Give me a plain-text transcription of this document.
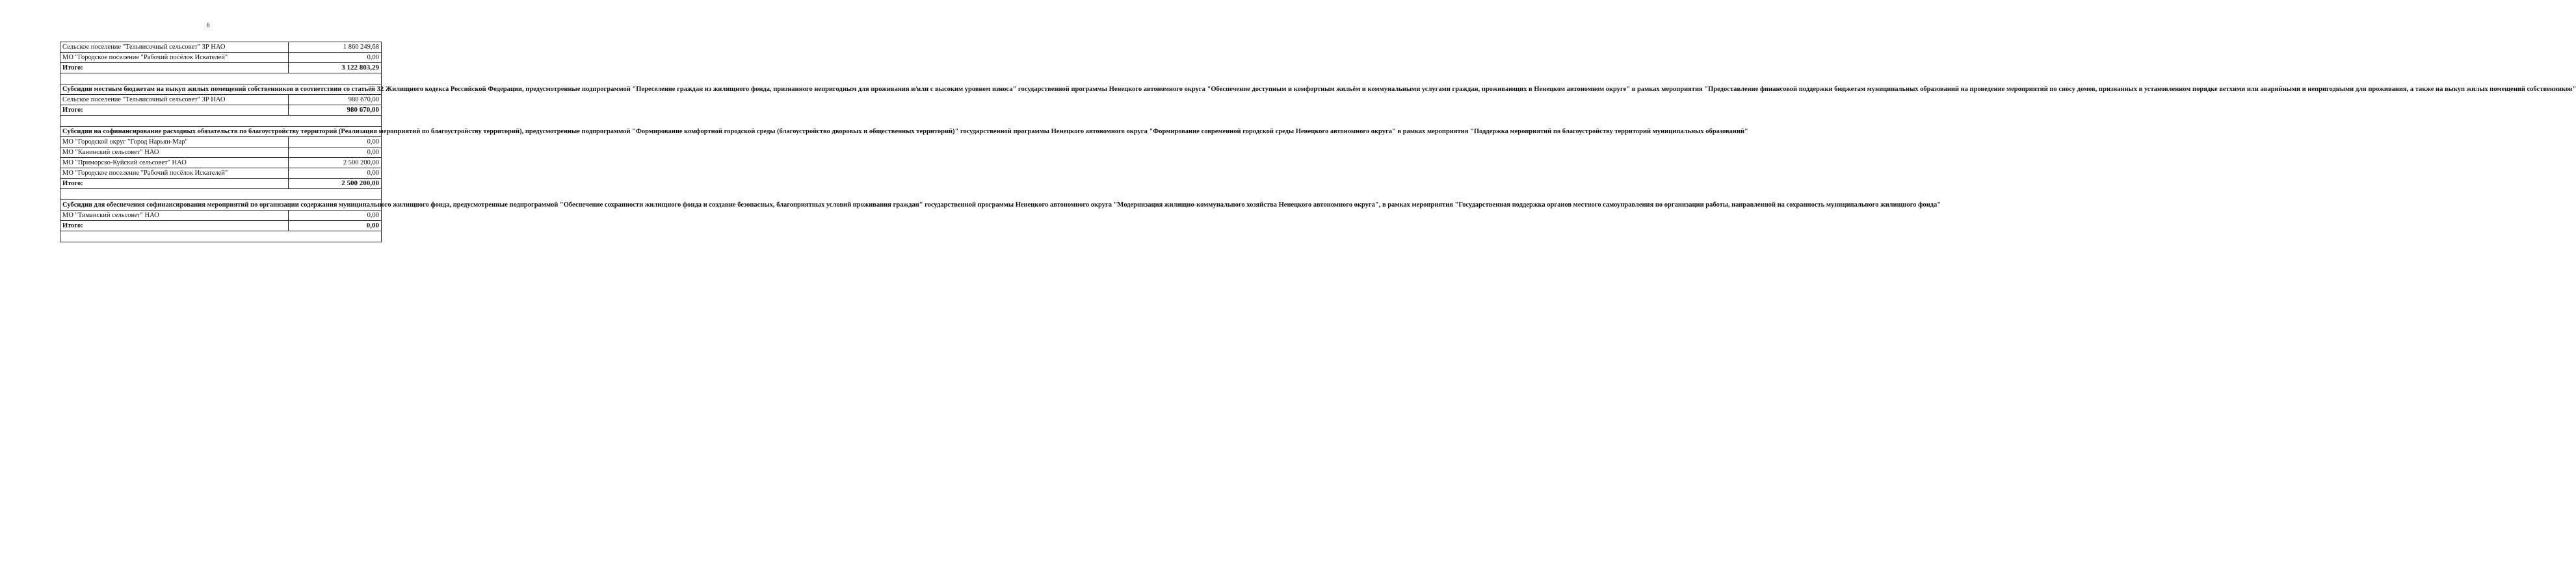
6
Сельское поселение "Тельвисочный сельсовет" ЗР НАО	1 860 249,68
МО "Городское поселение "Рабочий посёлок Искателей"	0,00
Итого:	3 122 803,29

Субсидии местным бюджетам на выкуп жилых помещений собственников в соответствии со статьёй 32 Жилищного кодекса Российской Федерации, предусмотренные подпрограммой "Переселение граждан из жилищного фонда, признанного непригодным для проживания и/или с высоким уровнем износа" государственной программы Ненецкого автономного округа "Обеспечение доступным и комфортным жильём и коммунальными услугами граждан, проживающих в Ненецком автономном округе" в рамках мероприятия "Предоставление финансовой поддержки бюджетам муниципальных образований на проведение мероприятий по сносу домов, признанных в установленном порядке ветхими или аварийными и непригодными для проживания, а также на выкуп жилых помещений собственников"	
Сельское поселение "Тельвисочный сельсовет" ЗР НАО	980 670,00
Итого:	980 670,00

Субсидии на софинансирование расходных обязательств по благоустройству территорий (Реализация мероприятий по благоустройству территорий), предусмотренные подпрограммой "Формирование комфортной городской среды (благоустройство дворовых и общественных территорий)" государственной программы Ненецкого автономного округа "Формирование современной городской среды Ненецкого автономного округа" в рамках мероприятия "Поддержка мероприятий по благоустройству территорий муниципальных образований"	
МО "Городской округ "Город Нарьян-Мар"	0,00
МО "Канинский сельсовет" НАО	0,00
МО "Приморско-Куйский сельсовет" НАО	2 500 200,00
МО "Городское поселение "Рабочий посёлок Искателей"	0,00
Итого:	2 500 200,00

Субсидии для обеспечения софинансирования мероприятий по организации содержания муниципального жилищного фонда, предусмотренные подпрограммой "Обеспечение сохранности жилищного фонда и создание безопасных, благоприятных условий проживания граждан" государственной программы Ненецкого автономного округа "Модернизация жилищно-коммунального хозяйства Ненецкого автономного округа", в рамках мероприятия "Государственная поддержка органов местного самоуправления по организации работы, направленной на сохранность муниципального жилищного фонда"	
МО "Тиманский сельсовет" НАО	0,00
Итого:	0,00
